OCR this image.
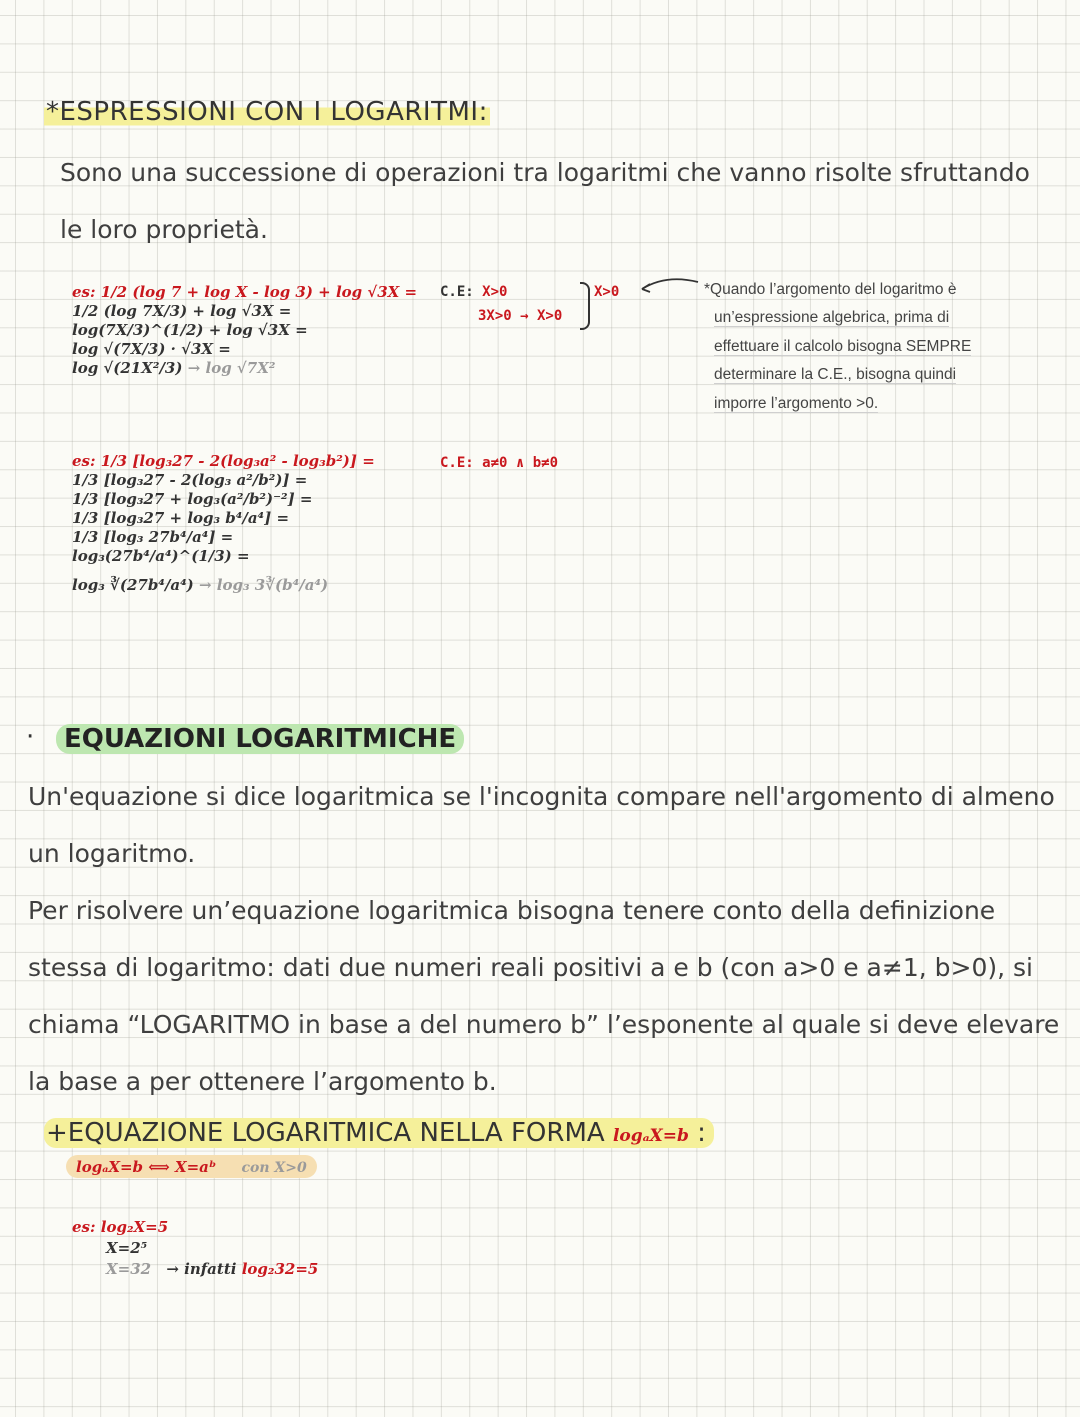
*ESPRESSIONI CON I LOGARITMI:
Sono una successione di operazioni tra logaritmi che vanno risolte sfruttando
le loro proprietà.
es: 1/2 (log 7 + log X - log 3) + log √3X =
1/2 (log 7X/3) + log √3X =
log(7X/3)^(1/2) + log √3X =
log √(7X/3) · √3X =
log √(21X²/3) → log √7X²
C.E: X>0
3X>0 → X>0
X>0	*Quando l’argomento del logaritmo è
un’espressione algebrica, prima di
effettuare il calcolo bisogna SEMPRE
determinare la C.E., bisogna quindi
imporre l’argomento >0.
es: 1/3 [log₃27 - 2(log₃a² - log₃b²)] =
1/3 [log₃27 - 2(log₃ a²/b²)] =
1/3 [log₃27 + log₃(a²/b²)⁻²] =
1/3 [log₃27 + log₃ b⁴/a⁴] =
1/3 [log₃ 27b⁴/a⁴] =
log₃(27b⁴/a⁴)^(1/3) =
log₃ ∛(27b⁴/a⁴) → log₃ 3∛(b⁴/a⁴)
C.E: a≠0 ∧ b≠0
·	EQUAZIONI LOGARITMICHE
Un'equazione si dice logaritmica se l'incognita compare nell'argomento di almeno
un logaritmo.
Per risolvere un’equazione logaritmica bisogna tenere conto della definizione
stessa di logaritmo: dati due numeri reali positivi a e b (con a>0 e a≠1, b>0), si
chiama “LOGARITMO in base a del numero b” l’esponente al quale si deve elevare
la base a per ottenere l’argomento b.
+EQUAZIONE LOGARITMICA NELLA FORMA logₐX=b :
logₐX=b ⟺ X=aᵇ con X>0
es: log₂X=5
X=2⁵
X=32 → infatti log₂32=5
